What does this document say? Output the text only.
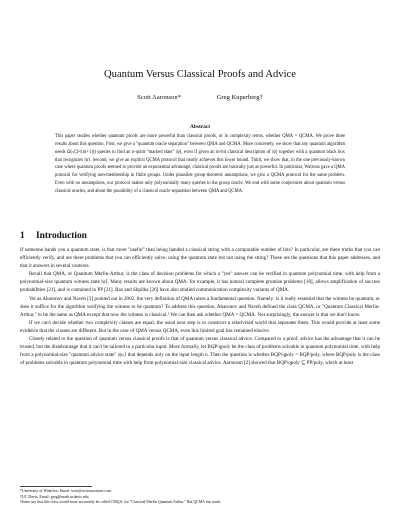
Quantum Versus Classical Proofs and Advice
Scott Aaronson*	Greg Kuperberg†
Abstract

This paper studies whether quantum proofs are more powerful than classical proofs, or in complexity terms, whether QMA = QCMA. We prove three results about this question. First, we give a "quantum oracle separation" between QMA and QCMA. More concretely, we show that any quantum algorithm needs Ω(√(2ⁿ/(m+1))) queries to find an n-qubit "marked state" |ψ⟩, even if given an m-bit classical description of |ψ⟩ together with a quantum black box that recognizes |ψ⟩. Second, we give an explicit QCMA protocol that nearly achieves this lower bound. Third, we show that, in the one previously-known case where quantum proofs seemed to provide an exponential advantage, classical proofs are basically just as powerful. In particular, Watrous gave a QMA protocol for verifying non-membership in finite groups. Under plausible group-theoretic assumptions, we give a QCMA protocol for the same problem. Even with no assumptions, our protocol makes only polynomially many queries to the group oracle. We end with some conjectures about quantum versus classical oracles, and about the possibility of a classical oracle separation between QMA and QCMA.

1 Introduction

If someone hands you a quantum state, is that more "useful" than being handed a classical string with a comparable number of bits? In particular, are there truths that you can efficiently verify, and are there problems that you can efficiently solve, using the quantum state but not using the string? These are the questions that this paper addresses, and that it answers in several contexts.

Recall that QMA, or Quantum Merlin-Arthur, is the class of decision problems for which a "yes" answer can be verified in quantum polynomial time, with help from a polynomial-size quantum witness state |ψ⟩. Many results are known about QMA: for example, it has natural complete promise problems [18], allows amplification of success probabilities [21], and is contained in PP [21]. Raz and Shpilka [26] have also studied communication complexity variants of QMA.

Yet as Aharonov and Naveh [3] pointed out in 2002, the very definition of QMA raises a fundamental question. Namely: is it really essential that the witness be quantum, or does it suffice for the algorithm verifying the witness to be quantum? To address this question, Aharonov and Naveh defined the class QCMA, or "Quantum Classical Merlin-Arthur," to be the same as QMA except that now the witness is classical.¹ We can then ask whether QMA = QCMA. Not surprisingly, the answer is that we don't know.

If we can't decide whether two complexity classes are equal, the usual next step is to construct a relativized world that separates them. This would provide at least some evidence that the classes are different. But in the case of QMA versus QCMA, even this limited goal has remained elusive.

Closely related to the question of quantum versus classical proofs is that of quantum versus classical advice. Compared to a proof, advice has the advantage that it can be trusted, but the disadvantage that it can't be tailored to a particular input. More formally, let BQP/qpoly be the class of problems solvable in quantum polynomial time, with help from a polynomial-size "quantum advice state" |ψₙ⟩ that depends only on the input length n. Then the question is whether BQP/qpoly = BQP/poly, where BQP/poly is the class of problems solvable in quantum polynomial time with help from polynomial-size classical advice. Aaronson [2] showed that BQP/qpoly ⊆ PP/poly, which at least

*University of Waterloo. Email: scott@scottaaronson.com.

†UC Davis. Email: greg@math.ucdavis.edu.

¹Some say that this class would more accurately be called CMQA, for "Classical Merlin Quantum Arthur." But QCMA has stuck.
